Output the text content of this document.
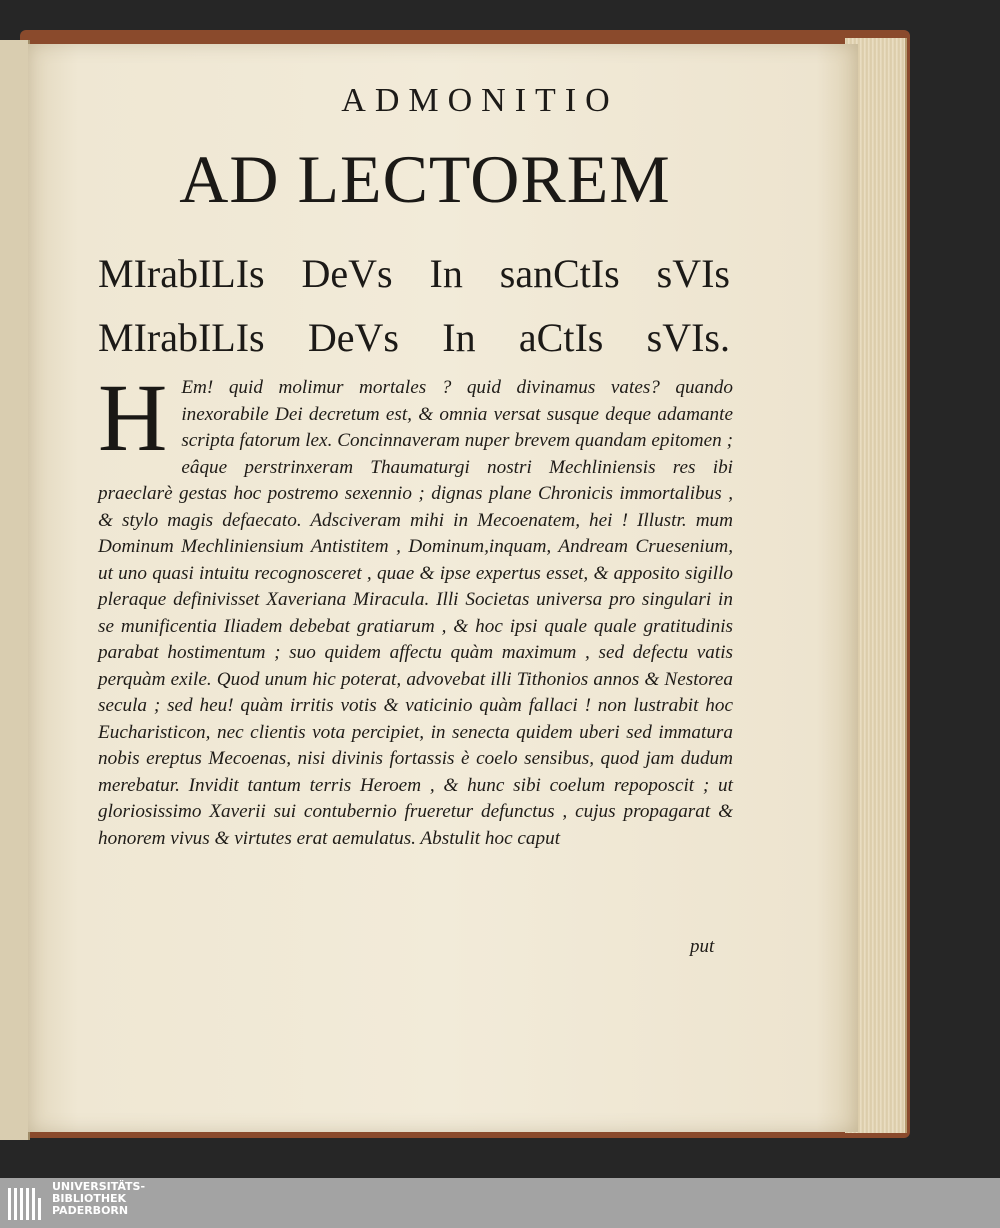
ADMONITIO
AD LECTOREM
MIrabILIs DeVs In sanCtIs sVIs
MIrabILIs DeVs In aCtIs sVIs.
H Em! quid molimur mortales ? quid divinamus vates? quando inexorabile Dei decretum est, & omnia versat susque deque adamante scripta fatorum lex. Concinnaveram nuper brevem quandam epitomen ; eâque perstrinxeram Thaumaturgi nostri Mechliniensis res ibi praeclarè gestas hoc postremo sexennio ; dignas plane Chronicis immortalibus , & stylo magis defaecato. Adsciveram mihi in Mecoenatem, hei ! Illustr. mum Dominum Mechliniensium Antistitem , Dominum,inquam, Andream Cruesenium, ut uno quasi intuitu recognosceret , quae & ipse expertus esset, & apposito sigillo pleraque definivisset Xaveriana Miracula. Illi Societas universa pro singulari in se munificentia Iliadem debebat gratiarum , & hoc ipsi quale quale gratitudinis parabat hostimentum ; suo quidem affectu quàm maximum , sed defectu vatis perquàm exile. Quod unum hic poterat, advovebat illi Tithonios annos & Nestorea secula ; sed heu! quàm irritis votis & vaticinio quàm fallaci ! non lustrabit hoc Eucharisticon, nec clientis vota percipiet, in senecta quidem uberi sed immatura nobis ereptus Mecoenas, nisi divinis fortassis è coelo sensibus, quod jam dudum merebatur. Invidit tantum terris Heroem , & hunc sibi coelum repoposcit ; ut gloriosissimo Xaverii sui contubernio frueretur defunctus , cujus propagarat & honorem vivus & virtutes erat aemulatus. Abstulit hoc caput

put
UNIVERSITÄTS-
BIBLIOTHEK
PADERBORN
